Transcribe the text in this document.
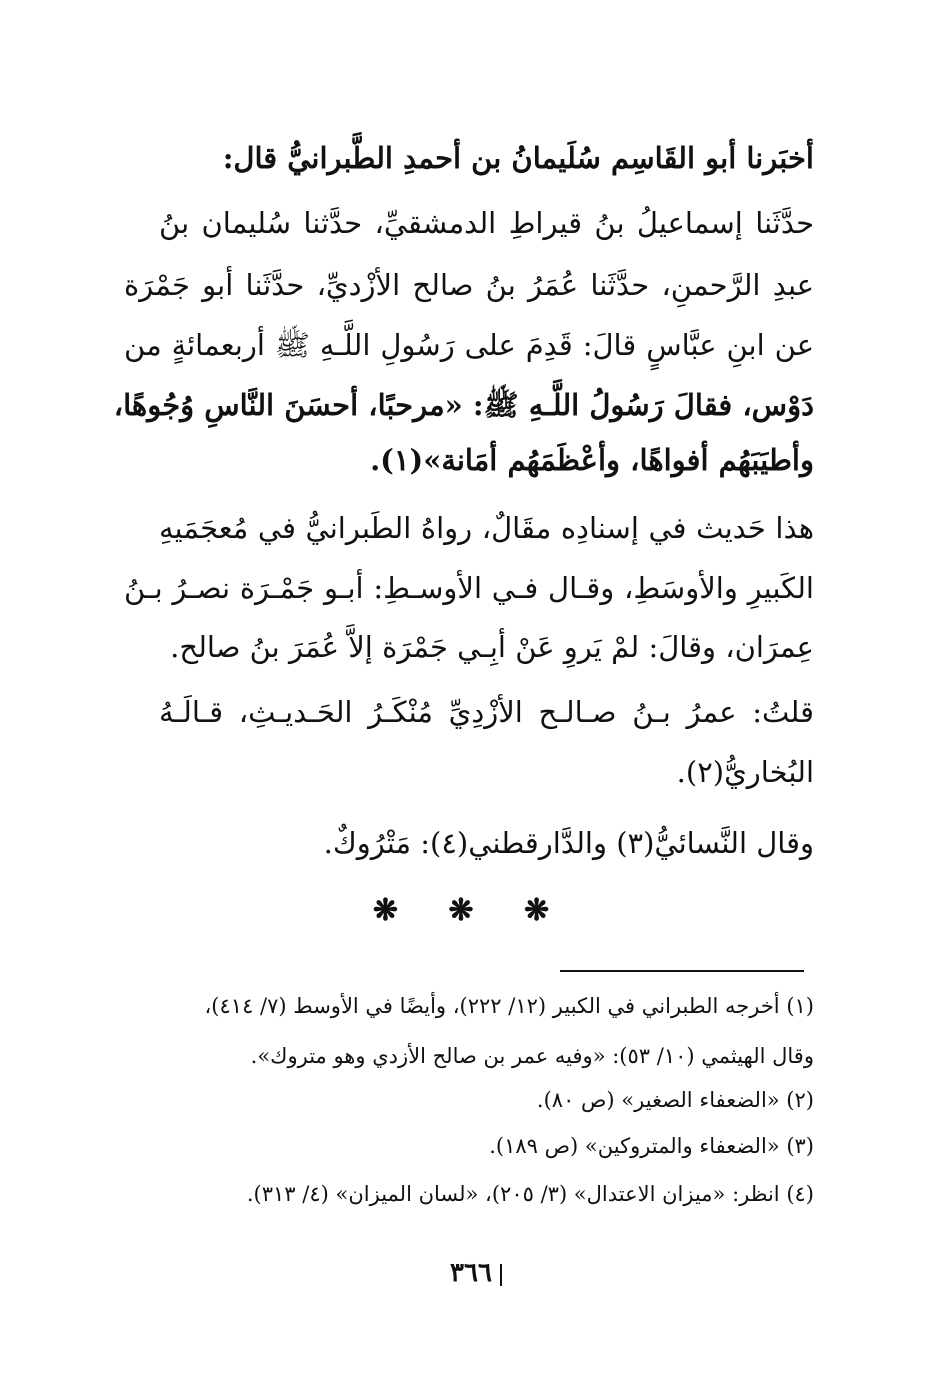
أخبَرنا أبو القَاسِم سُلَيمانُ بن أحمدِ الطَّبرانيُّ قال:
حدَّثَنا إسماعيلُ بنُ قيراطِ الدمشقيِّ، حدَّثنا سُليمان بنُ
عبدِ الرَّحمنِ، حدَّثَنا عُمَرُ بنُ صالح الأزْديِّ، حدَّثَنا أبو جَمْرَة
عن ابنِ عبَّاسٍ قالَ: قَدِمَ على رَسُولِ اللَّـهِ ﷺ أربعمائةٍ من
دَوْس، فقالَ رَسُولُ اللَّـهِ ﷺ: «مرحبًا، أحسَنَ النَّاسِ وُجُوهًا،
وأطيَبَهُم أفواهًا، وأعْظَمَهُم أمَانة»(١).
هذا حَديث في إسنادِه مقَالٌ، رواهُ الطَبرانيُّ في مُعجَمَيهِ
الكَبيرِ والأوسَطِ، وقـال فـي الأوسـطِ: أبـو جَمْـرَة نصـرُ بـنُ
عِمرَان، وقالَ: لمْ يَروِ عَنْ أبِـي جَمْرَة إلاَّ عُمَرَ بنُ صالح.
قلتُ: عمرُ بـنُ صـالـح الأزْدِيِّ مُنْكَـرُ الحَـديـثِ، قـالَـهُ
البُخاريُّ(٢).
وقال النَّسائيُّ(٣) والدَّارقطني(٤): مَتْرُوكٌ.
❋ ❋ ❋
(١) أخرجه الطبراني في الكبير (١٢/ ٢٢٢)، وأيضًا في الأوسط (٧/ ٤١٤)،
وقال الهيثمي (١٠/ ٥٣): «وفيه عمر بن صالح الأزدي وهو متروك».
(٢) «الضعفاء الصغير» (ص ٨٠).
(٣) «الضعفاء والمتروكين» (ص ١٨٩).
(٤) انظر: «ميزان الاعتدال» (٣/ ٢٠٥)، «لسان الميزان» (٤/ ٣١٣).
٣٦٦
